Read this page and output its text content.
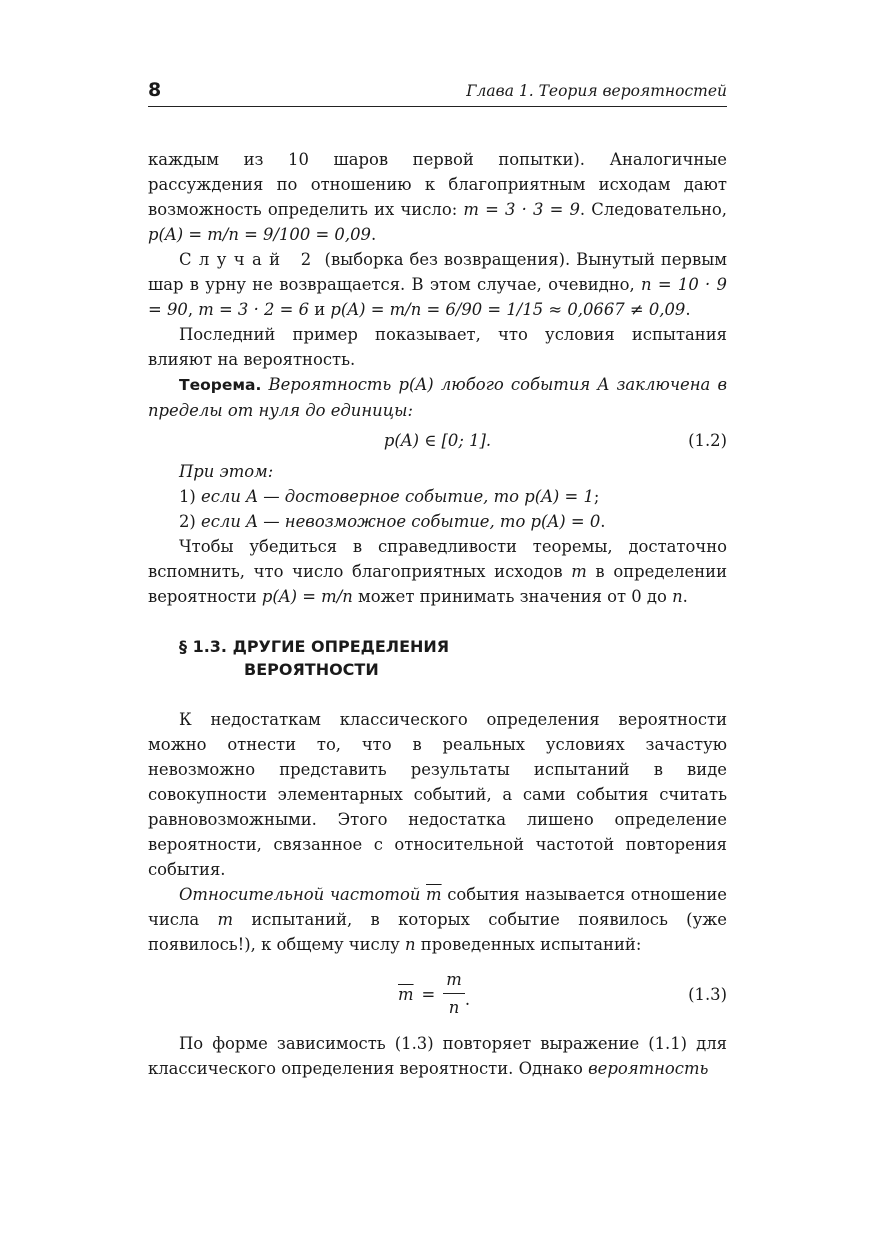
8	Глава 1. Теория вероятностей

каждым из 10 шаров первой попытки). Аналогичные рассуждения по отношению к благоприятным исходам дают возможность определить их число: m = 3 · 3 = 9. Следовательно, p(A) = m/n = 9/100 = 0,09.

Случай 2 (выборка без возвращения). Вынутый первым шар в урну не возвращается. В этом случае, очевидно, n = 10 · 9 = 90, m = 3 · 2 = 6 и p(A) = m/n = 6/90 = 1/15 ≈ 0,0667 ≠ 0,09.

Последний пример показывает, что условия испытания влияют на вероятность.

Теорема. Вероятность p(A) любого события A заключена в пределы от нуля до единицы:

p(A) ∈ [0; 1].	(1.2)

При этом:

1) если A — достоверное событие, то p(A) = 1;

2) если A — невозможное событие, то p(A) = 0.

Чтобы убедиться в справедливости теоремы, достаточно вспомнить, что число благоприятных исходов m в определении вероятности p(A) = m/n может принимать значения от 0 до n.

§ 1.3. ДРУГИЕ ОПРЕДЕЛЕНИЯ
ВЕРОЯТНОСТИ

К недостаткам классического определения вероятности можно отнести то, что в реальных условиях зачастую невозможно представить результаты испытаний в виде совокупности элементарных событий, а сами события считать равновозможными. Этого недостатка лишено определение вероятности, связанное с относительной частотой повторения события.

Относительной частотой $\overline{m}$ события называется отношение числа m испытаний, в которых событие появилось (уже появилось!), к общему числу n проведенных испытаний:

$\overline{m} = \frac{m}{n}$ .	(1.3)

По форме зависимость (1.3) повторяет выражение (1.1) для классического определения вероятности. Однако вероятность
